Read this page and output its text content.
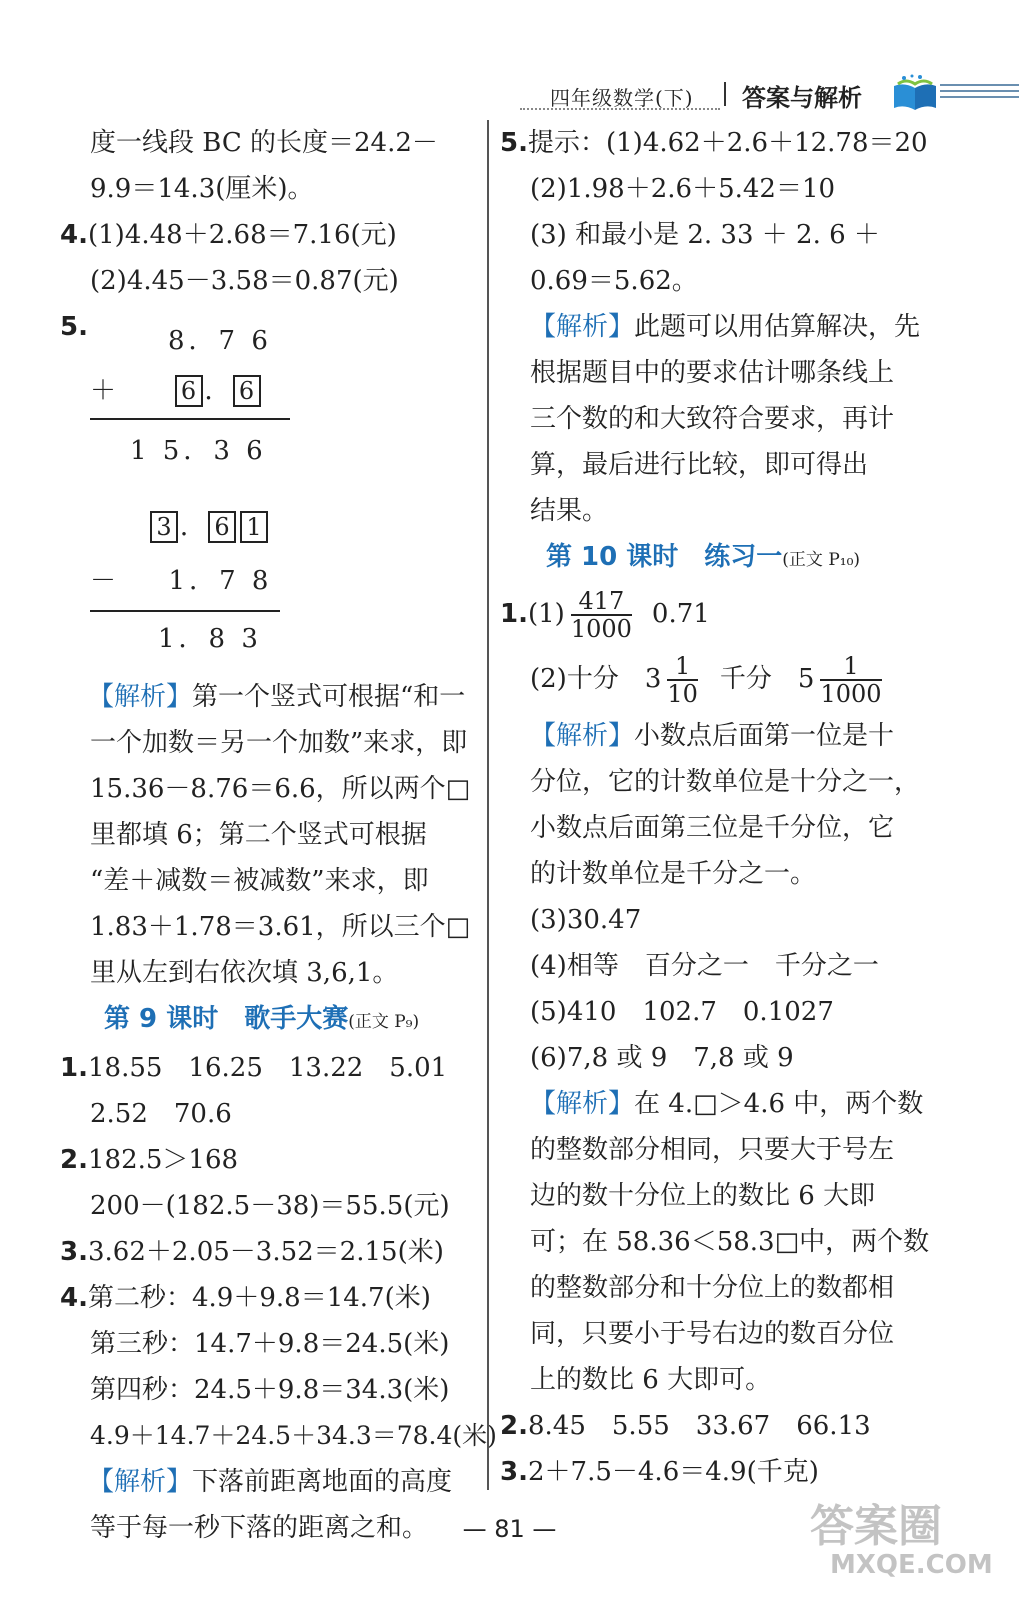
四年级数学(下) 答案与解析
度一线段 BC 的长度＝24.2－
9.9＝14.3(厘米)。
4.(1)4.48＋2.68＝7.16(元)
(2)4.45－3.58＝0.87(元)
5.	8．7 6
＋	6 ． 6
1 5．3 6
3 ． 6 1
－ 1．7 8
1．8 3
【解析】第一个竖式可根据“和一
一个加数＝另一个加数”来求，即
15.36－8.76＝6.6，所以两个□
里都填 6；第二个竖式可根据
“差＋减数＝被减数”来求，即
1.83＋1.78＝3.61，所以三个□
里从左到右依次填 3,6,1。
第 9 课时　歌手大赛(正文 P₉)
1.18.55　16.25　13.22　5.01
2.52　70.6
2.182.5＞168
200－(182.5－38)＝55.5(元)
3.3.62＋2.05－3.52＝2.15(米)
4.第二秒：4.9＋9.8＝14.7(米)
第三秒：14.7＋9.8＝24.5(米)
第四秒：24.5＋9.8＝34.3(米)
4.9＋14.7＋24.5＋34.3＝78.4(米)
【解析】下落前距离地面的高度
等于每一秒下落的距离之和。
5.提示：(1)4.62＋2.6＋12.78＝20
(2)1.98＋2.6＋5.42＝10
(3) 和最小是 2. 33 ＋ 2. 6 ＋
0.69＝5.62。
【解析】此题可以用估算解决，先
根据题目中的要求估计哪条线上
三个数的和大致符合要求，再计
算，最后进行比较，即可得出
结果。
第 10 课时　练习一(正文 P₁₀)
$1.(1) \frac{417}{1000} 0.71$
(2)十分　$3 \frac{1}{10}$ 千分　$5 \frac{1}{1000}$
【解析】小数点后面第一位是十
分位，它的计数单位是十分之一，
小数点后面第三位是千分位，它
的计数单位是千分之一。
(3)30.47
(4)相等　百分之一　千分之一
(5)410　102.7　0.1027
(6)7,8 或 9　7,8 或 9
【解析】在 4.□＞4.6 中，两个数
的整数部分相同，只要大于号左
边的数十分位上的数比 6 大即
可；在 58.36＜58.3□中，两个数
的整数部分和十分位上的数都相
同，只要小于号右边的数百分位
上的数比 6 大即可。
2.8.45　5.55　33.67　66.13
3.2＋7.5－4.6＝4.9(千克)
— 81 —	答案圈
MXQE.COM
